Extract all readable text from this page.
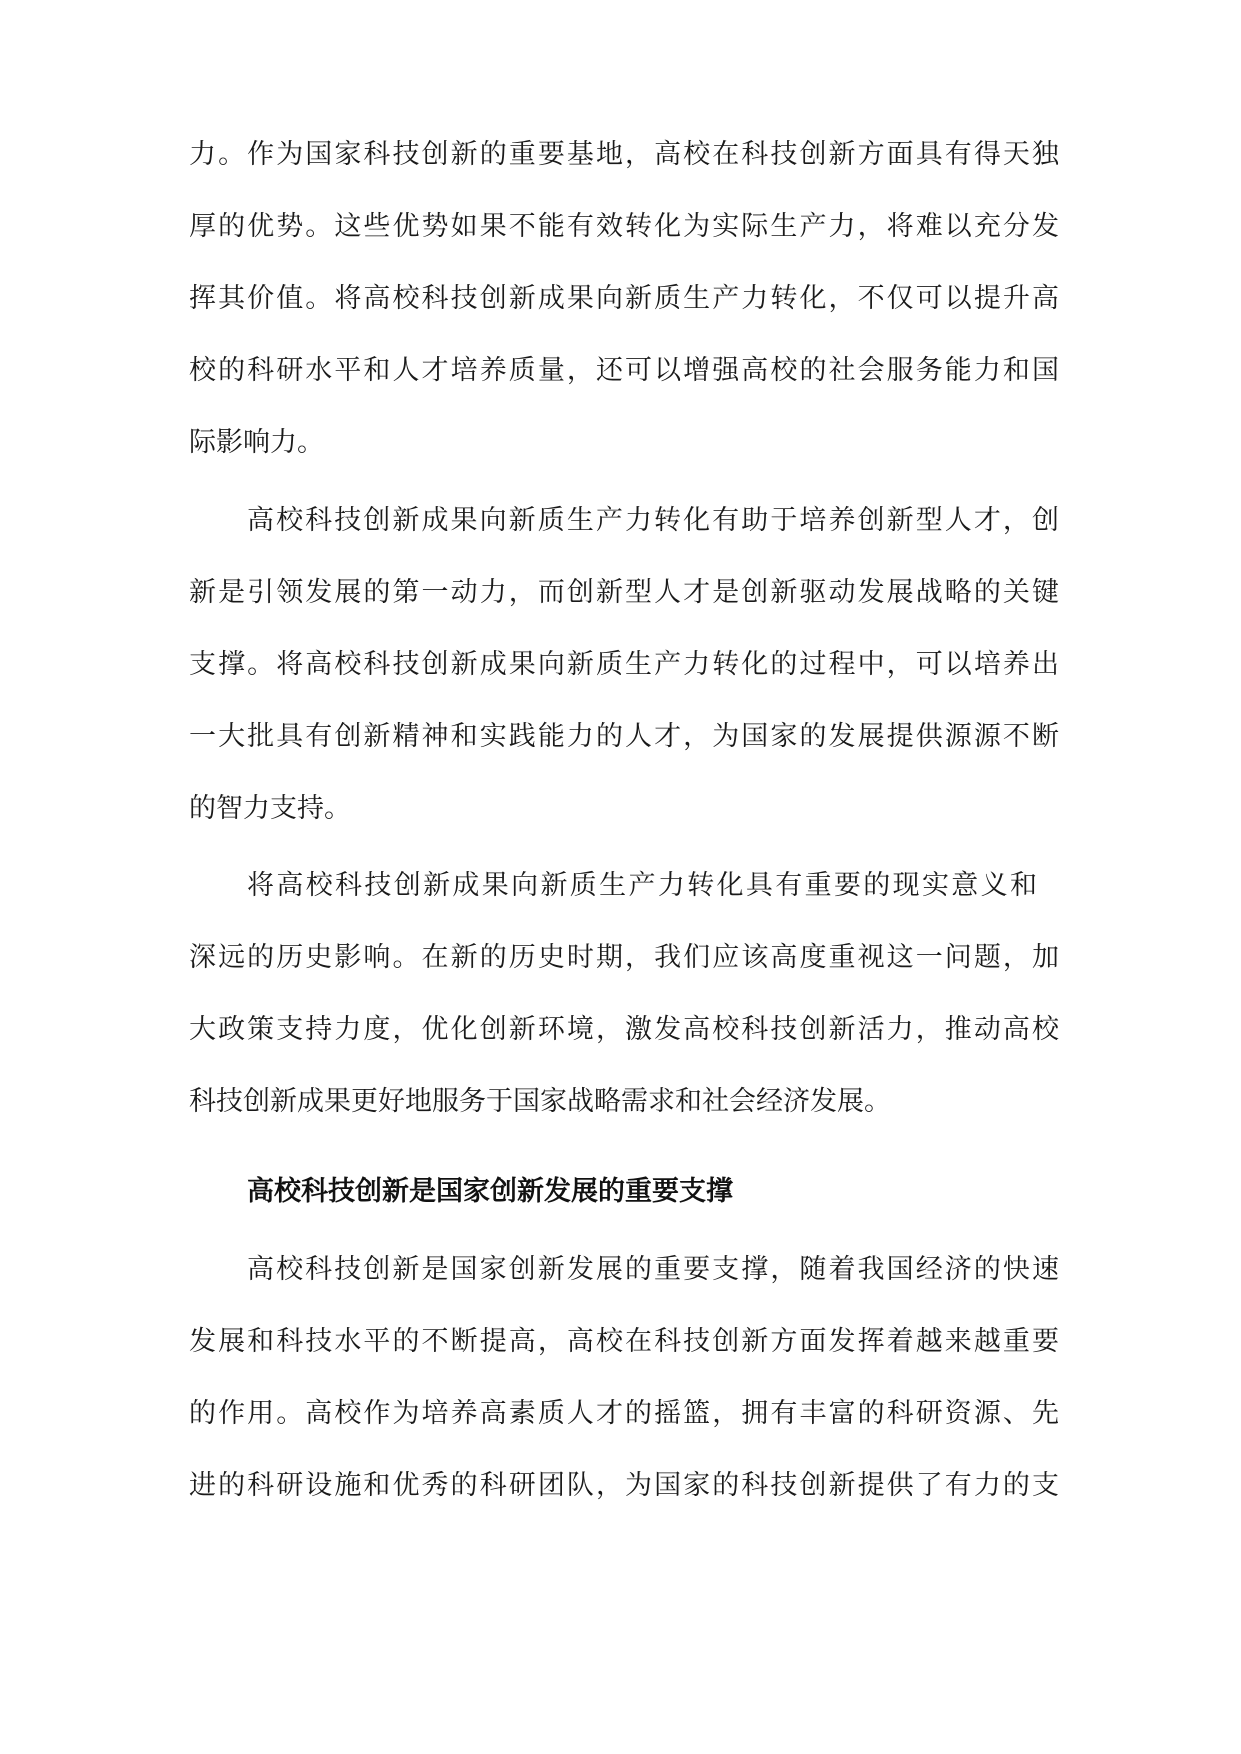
力。作为国家科技创新的重要基地，高校在科技创新方面具有得天独

厚的优势。这些优势如果不能有效转化为实际生产力，将难以充分发

挥其价值。将高校科技创新成果向新质生产力转化，不仅可以提升高

校的科研水平和人才培养质量，还可以增强高校的社会服务能力和国

际影响力。

高校科技创新成果向新质生产力转化有助于培养创新型人才，创

新是引领发展的第一动力，而创新型人才是创新驱动发展战略的关键

支撑。将高校科技创新成果向新质生产力转化的过程中，可以培养出

一大批具有创新精神和实践能力的人才，为国家的发展提供源源不断

的智力支持。

将高校科技创新成果向新质生产力转化具有重要的现实意义和

深远的历史影响。在新的历史时期，我们应该高度重视这一问题，加

大政策支持力度，优化创新环境，激发高校科技创新活力，推动高校

科技创新成果更好地服务于国家战略需求和社会经济发展。

高校科技创新是国家创新发展的重要支撑

高校科技创新是国家创新发展的重要支撑，随着我国经济的快速

发展和科技水平的不断提高，高校在科技创新方面发挥着越来越重要

的作用。高校作为培养高素质人才的摇篮，拥有丰富的科研资源、先

进的科研设施和优秀的科研团队，为国家的科技创新提供了有力的支
